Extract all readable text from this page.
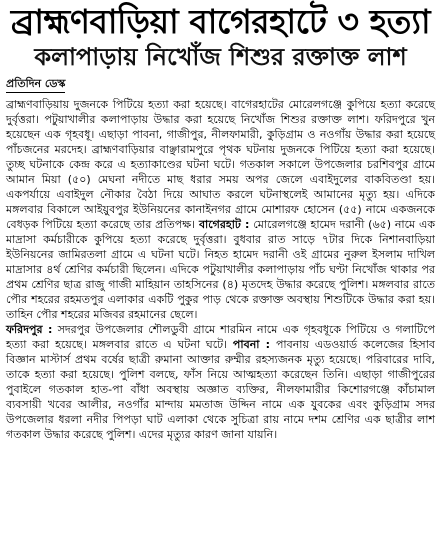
ব্রাহ্মণবাড়িয়া বাগেরহাটে ৩ হত্যা
কলাপাড়ায় নিখোঁজ শিশুর রক্তাক্ত লাশ
প্রতিদিন ডেস্ক

ব্রাহ্মণবাড়িয়ায় দুজনকে পিটিয়ে হত্যা করা হয়েছে। বাগেরহাটের মোরেলগঞ্জে কুপিয়ে হত্যা করেছে দুর্বৃত্তরা। পটুয়াখালীর কলাপাড়ায় উদ্ধার করা হয়েছে নিখোঁজ শিশুর রক্তাক্ত লাশ। ফরিদপুরে খুন হয়েছেন এক গৃহবধূ। এছাড়া পাবনা, গাজীপুর, নীলফামারী, কুড়িগ্রাম ও নওগাঁয় উদ্ধার করা হয়েছে পাঁচজনের মরদেহ। ব্রাহ্মণবাড়িয়ার বাঞ্ছারামপুরে পৃথক ঘটনায় দুজনকে পিটিয়ে হত্যা করা হয়েছে। তুচ্ছ ঘটনাকে কেন্দ্র করে এ হত্যাকাণ্ডের ঘটনা ঘটে। গতকাল সকালে উপজেলার চরশিবপুর গ্রামে আমান মিয়া (৫০) মেঘনা নদীতে মাছ ধরার সময় অপর জেলে এবাইদুলের বাকবিতণ্ডা হয়। একপর্যায়ে এবাইদুল নৌকার বৈঠা দিয়ে আঘাত করলে ঘটনাস্থলেই আমানের মৃত্যু হয়। এদিকে মঙ্গলবার বিকালে আইয়ুবপুর ইউনিয়নের কানাইনগর গ্রামে মোশারফ হোসেন (৫৫) নামে একজনকে বেধড়ক পিটিয়ে হত্যা করেছে তার প্রতিপক্ষ। বাগেরহাট : মোরেলগঞ্জে হামেদ দরানী (৬৫) নামে এক মাদ্রাসা কর্মচারীকে কুপিয়ে হত্যা করেছে দুর্বৃত্তরা। বুধবার রাত সাড়ে ৭টার দিকে নিশানবাড়িয়া ইউনিয়নের জামিরতলা গ্রামে এ ঘটনা ঘটে। নিহত হামেদ দরানী ওই গ্রামের নুরুল ইসলাম দাখিল মাদ্রাসার ৪র্থ শ্রেণির কর্মচারী ছিলেন। এদিকে পটুয়াখালীর কলাপাড়ায় পাঁচ ঘণ্টা নিখোঁজ থাকার পর প্রথম শ্রেণির ছাত্র রাজু গাজী মাহিয়ান তাহসিনের (৪) মৃতদেহ উদ্ধার করেছে পুলিশ। মঙ্গলবার রাতে পৌর শহরের রহমতপুর এলাকার একটি পুকুর পাড় থেকে রক্তাক্ত অবস্থায় শিশুটিকে উদ্ধার করা হয়। তাহিন পৌর শহরের মজিবর রহমানের ছেলে।

ফরিদপুর : সদরপুর উপজেলার শৌলডুবী গ্রামে শারমিন নামে এক গৃহবধূকে পিটিয়ে ও গলাটিপে হত্যা করা হয়েছে। মঙ্গলবার রাতে এ ঘটনা ঘটে। পাবনা : পাবনায় এডওয়ার্ড কলেজের হিসাব বিজ্ঞান মাস্টার্স প্রথম বর্ষের ছাত্রী রুমানা আক্তার রুম্মীর রহস্যজনক মৃত্যু হয়েছে। পরিবারের দাবি, তাকে হত্যা করা হয়েছে। পুলিশ বলছে, ফাঁস নিয়ে আত্মহত্যা করেছেন তিনি। এছাড়া গাজীপুরের পুবাইলে গতকাল হাত-পা বাঁধা অবস্থায় অজ্ঞাত ব্যক্তির, নীলফামারীর কিশোরগঞ্জে কাঁচামাল ব্যবসায়ী খবের আলীর, নওগাঁর মান্দায় মমতাজ উদ্দিন নামে এক যুবকের এবং কুড়িগ্রাম সদর উপজেলার ধরলা নদীর পিপড়া ঘাট এলাকা থেকে সুচিত্রা রায় নামে দশম শ্রেণির এক ছাত্রীর লাশ গতকাল উদ্ধার করেছে পুলিশ। এদের মৃত্যুর কারণ জানা যায়নি।
